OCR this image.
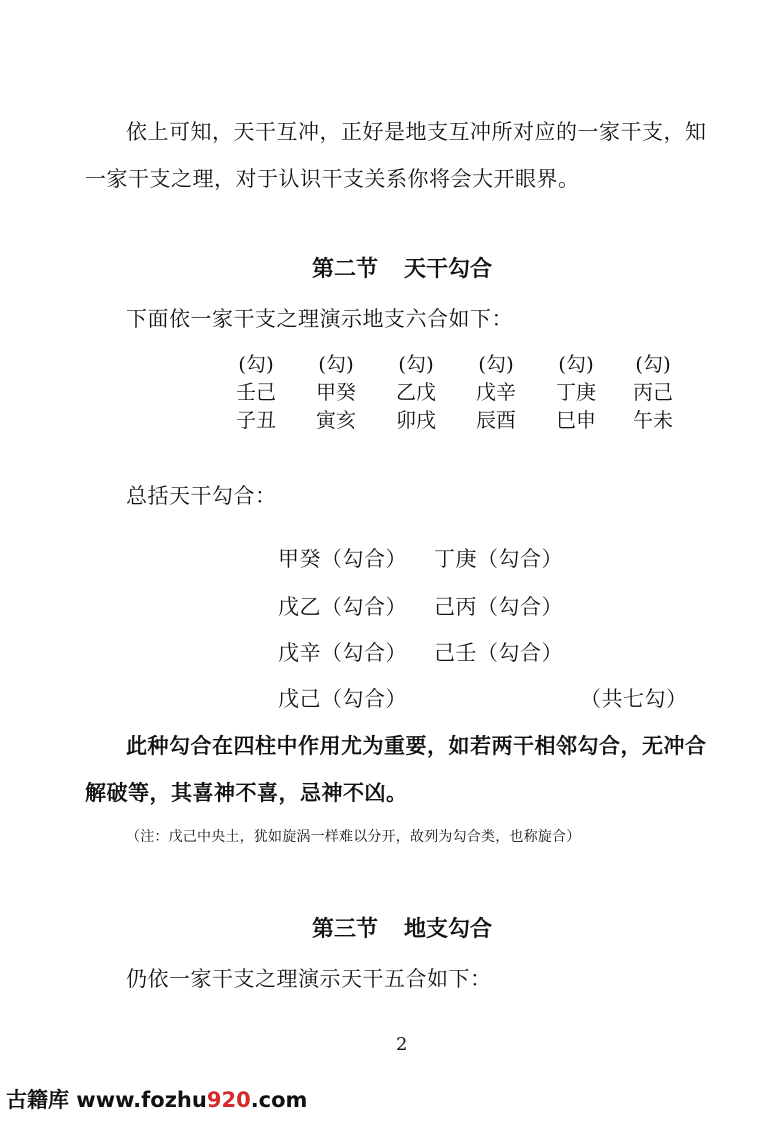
依上可知，天干互冲，正好是地支互冲所对应的一家干支，知
一家干支之理，对于认识干支关系你将会大开眼界。
第二节 天干勾合
下面依一家干支之理演示地支六合如下：
(勾)
壬己
子丑
(勾)
甲癸
寅亥
(勾)
乙戊
卯戌
(勾)
戊辛
辰酉
(勾)
丁庚
巳申
(勾)
丙己
午未
总括天干勾合：
甲癸（勾合） 丁庚（勾合）
戊乙（勾合） 己丙（勾合）
戊辛（勾合） 己壬（勾合）
戊己（勾合）	（共七勾）
此种勾合在四柱中作用尤为重要，如若两干相邻勾合，无冲合
解破等，其喜神不喜，忌神不凶。
（注：戊己中央土，犹如旋涡一样难以分开，故列为勾合类，也称旋合）
第三节 地支勾合
仍依一家干支之理演示天干五合如下：
2
古籍库 www.fozhu920.com
